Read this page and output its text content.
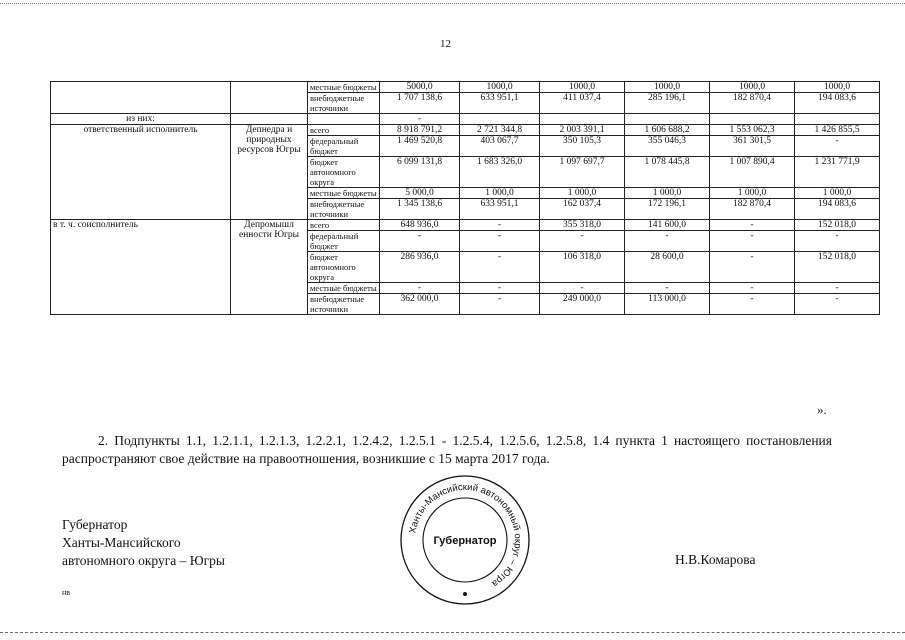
12
		местные бюджеты	5000,0	1000,0	1000,0	1000,0	1000,0	1000,0
		внебюджетные источники	1 707 138,6	633 951,1	411 037,4	285 196,1	182 870,4	194 083,6
из них:			-					
ответственный исполнитель	Депнедра и природных ресурсов Югры	всего	8 918 791,2	2 721 344,8	2 003 391,1	1 606 688,2	1 553 062,3	1 426 855,5
		федеральный бюджет	1 469 520,8	403 067,7	350 105,3	355 046,3	361 301,5	-
		бюджет автономного округа	6 099 131,8	1 683 326,0	1 097 697,7	1 078 445,8	1 007 890,4	1 231 771,9
		местные бюджеты	5 000,0	1 000,0	1 000,0	1 000,0	1 000,0	1 000,0
		внебюджетные источники	1 345 138,6	633 951,1	162 037,4	172 196,1	182 870,4	194 083,6
в т. ч. соисполнитель	Депромышл енности Югры	всего	648 936,0	-	355 318,0	141 600,0	-	152 018,0
		федеральный бюджет	-	-	-	-	-	-
		бюджет автономного округа	286 936,0	-	106 318,0	28 600,0	-	152 018,0
		местные бюджеты	-	-	-	-	-	-
		внебюджетные источники	362 000,0	-	249 000,0	113 000,0	-	-
».
2. Подпункты 1.1, 1.2.1.1, 1.2.1.3, 1.2.2.1, 1.2.4.2, 1.2.5.1 - 1.2.5.4, 1.2.5.6, 1.2.5.8, 1.4 пункта 1 настоящего постановления распространяют свое действие на правоотношения, возникшие с 15 марта 2017 года.
Губернатор
Ханты-Мансийского
автономного округа – Югры	Н.В.Комарова
нв
Ханты-Мансийский автономный округ – Югра
Губернатор
